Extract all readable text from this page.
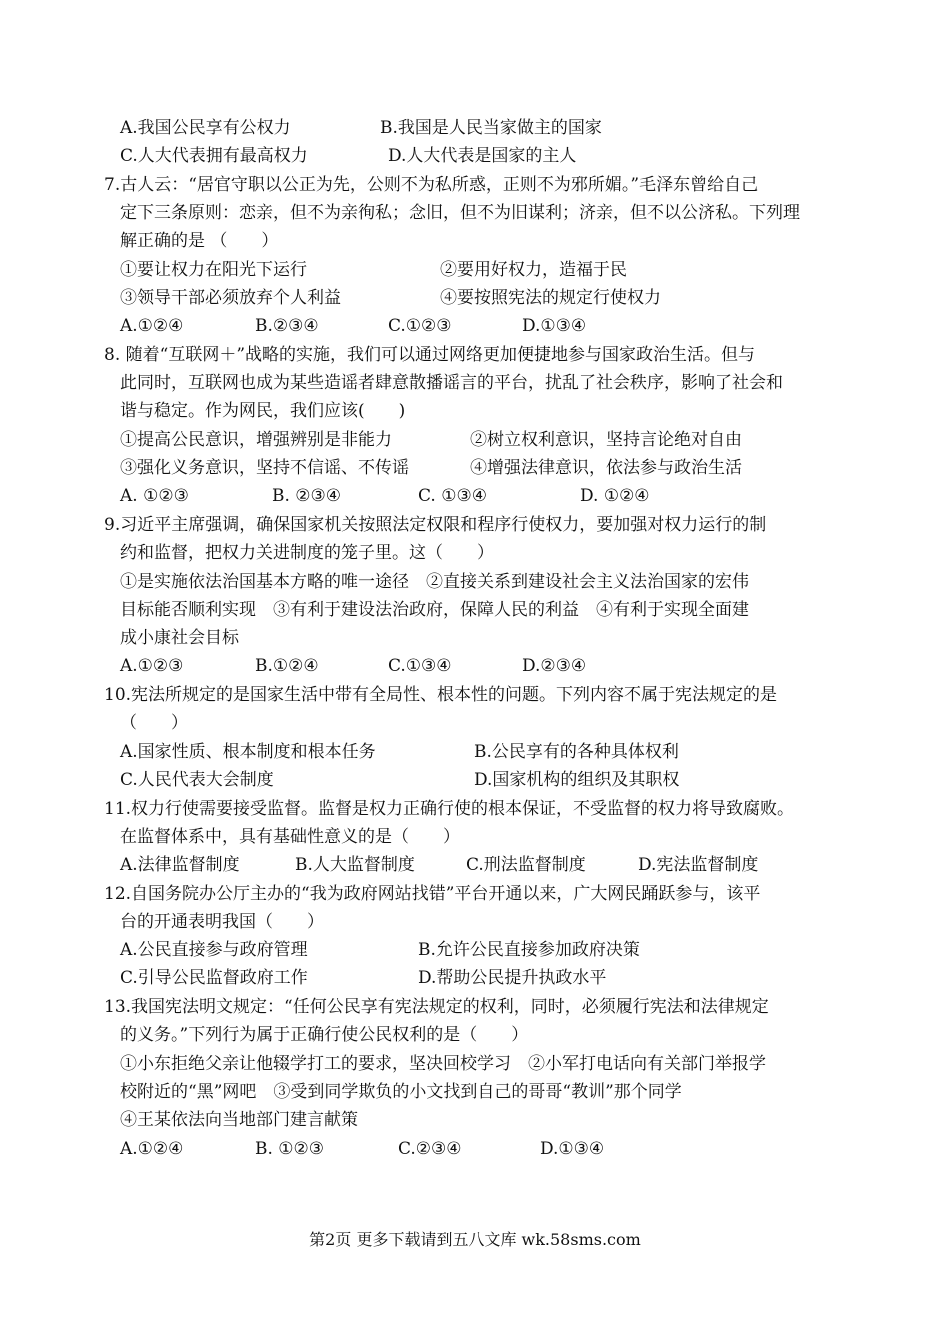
A.我国公民享有公权力	B.我国是人民当家做主的国家
C.人大代表拥有最高权力	D.人大代表是国家的主人
7.古人云：“居官守职以公正为先，公则不为私所惑，正则不为邪所媚。”毛泽东曾给自己
定下三条原则：恋亲，但不为亲徇私；念旧，但不为旧谋利；济亲，但不以公济私。下列理
解正确的是 （　　）
①要让权力在阳光下运行	②要用好权力，造福于民
③领导干部必须放弃个人利益	④要按照宪法的规定行使权力
A.①②④	B.②③④	C.①②③	D.①③④
8. 随着“互联网＋”战略的实施，我们可以通过网络更加便捷地参与国家政治生活。但与
此同时，互联网也成为某些造谣者肆意散播谣言的平台，扰乱了社会秩序，影响了社会和
谐与稳定。作为网民，我们应该(　　)
①提高公民意识，增强辨别是非能力	②树立权利意识，坚持言论绝对自由
③强化义务意识，坚持不信谣、不传谣	④增强法律意识，依法参与政治生活
A. ①②③	B. ②③④	C. ①③④	D. ①②④
9.习近平主席强调，确保国家机关按照法定权限和程序行使权力，要加强对权力运行的制
约和监督，把权力关进制度的笼子里。这（　　）
①是实施依法治国基本方略的唯一途径　②直接关系到建设社会主义法治国家的宏伟
目标能否顺利实现　③有利于建设法治政府，保障人民的利益　④有利于实现全面建
成小康社会目标
A.①②③	B.①②④	C.①③④	D.②③④
10.宪法所规定的是国家生活中带有全局性、根本性的问题。下列内容不属于宪法规定的是
（　　）
A.国家性质、根本制度和根本任务	B.公民享有的各种具体权利
C.人民代表大会制度	D.国家机构的组织及其职权
11.权力行使需要接受监督。监督是权力正确行使的根本保证，不受监督的权力将导致腐败。
在监督体系中，具有基础性意义的是（　　）
A.法律监督制度	B.人大监督制度	C.刑法监督制度	D.宪法监督制度
12.自国务院办公厅主办的“我为政府网站找错”平台开通以来，广大网民踊跃参与，该平
台的开通表明我国（　　）
A.公民直接参与政府管理	B.允许公民直接参加政府决策
C.引导公民监督政府工作	D.帮助公民提升执政水平
13.我国宪法明文规定：“任何公民享有宪法规定的权利，同时，必须履行宪法和法律规定
的义务。”下列行为属于正确行使公民权利的是（　　）
①小东拒绝父亲让他辍学打工的要求，坚决回校学习　②小军打电话向有关部门举报学
校附近的“黑”网吧　③受到同学欺负的小文找到自己的哥哥“教训”那个同学
④王某依法向当地部门建言献策
A.①②④	B. ①②③	C.②③④	D.①③④
第2页 更多下载请到五八文库 wk.58sms.com
